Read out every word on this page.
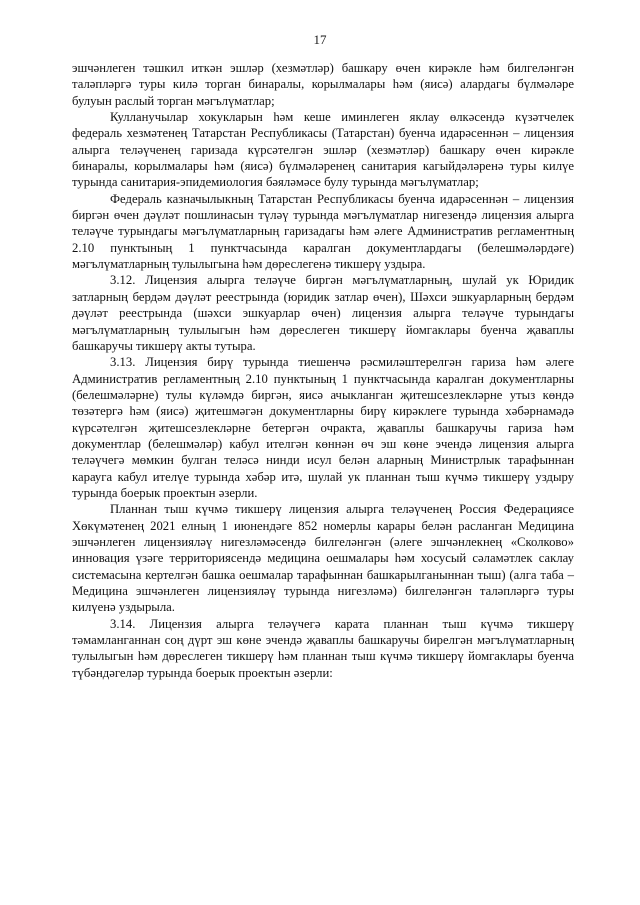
17

эшчәнлеген тәшкил иткән эшләр (хезмәтләр) башкару өчен кирәкле һәм билгеләнгән таләпләргә туры килә торган бинаралы, корылмалары һәм (яисә) алардагы бүлмәләре булуын раслый торган мәгълүматлар;

Кулланучылар хокукларын һәм кеше иминлеген яклау өлкәсендә күзәтчелек федераль хезмәтенең Татарстан Республикасы (Татарстан) буенча идарәсеннән – лицензия алырга теләүченең гаризада күрсәтелгән эшләр (хезмәтләр) башкару өчен кирәкле бинаралы, корылмалары һәм (яисә) бүлмәләренең санитария кагыйдәләренә туры килүе турында санитария-эпидемиология бәяләмәсе булу турында мәгълүматлар;

Федераль казначылыкның Татарстан Республикасы буенча идарәсеннән – лицензия биргән өчен дәүләт пошлинасын түләү турында мәгълүматлар нигезендә лицензия алырга теләүче турындагы мәгълүматларның гаризадагы һәм әлеге Административ регламентның 2.10 пунктының 1 пунктчасында каралган документлардагы (белешмәләрдәге) мәгълүматларның тулылыгына һәм дөреслегенә тикшерү уздыра.

3.12. Лицензия алырга теләүче биргән мәгълүматларның, шулай ук Юридик затларның бердәм дәүләт реестрында (юридик затлар өчен), Шәхси эшкуарларның бердәм дәүләт реестрында (шәхси эшкуарлар өчен) лицензия алырга теләүче турындагы мәгълүматларның тулылыгын һәм дөреслеген тикшерү йомгаклары буенча җаваплы башкаручы тикшерү акты тутыра.

3.13. Лицензия бирү турында тиешенчә рәсмиләштерелгән гариза һәм әлеге Административ регламентның 2.10 пунктының 1 пунктчасында каралган документларны (белешмәләрне) тулы күләмдә биргән, яисә ачыкланган җитешсезлекләрне утыз көндә төзәтергә һәм (яисә) җитешмәгән документларны бирү кирәклеге турында хәбәрнамәдә күрсәтелгән җитешсезлекләрне бетергән очракта, җаваплы башкаручы гариза һәм документлар (белешмәләр) кабул ителгән көннән өч эш көне эчендә лицензия алырга теләүчегә мөмкин булган теләсә нинди исул белән аларның Министрлык тарафыннан карауга кабул ителүе турында хәбәр итә, шулай ук планнан тыш күчмә тикшерү уздыру турында боерык проектын әзерли.

Планнан тыш күчмә тикшерү лицензия алырга теләүченең Россия Федерациясе Хөкүмәтенең 2021 елның 1 июнендәге 852 номерлы карары белән расланган Медицина эшчәнлеген лицензияләү нигезләмәсендә билгеләнгән (әлеге эшчәнлекнең «Сколково» инновация үзәге территориясендә медицина оешмалары һәм хосусый сәламәтлек саклау системасына кертелгән башка оешмалар тарафыннан башкарылганыннан тыш) (алга таба – Медицина эшчәнлеген лицензияләү турында нигезләмә) билгеләнгән таләпләргә туры килүенә уздырыла.

3.14. Лицензия алырга теләүчегә карата планнан тыш күчмә тикшерү тәмамланганнан соң дүрт эш көне эчендә җаваплы башкаручы бирелгән мәгълүматларның тулылыгын һәм дөреслеген тикшерү һәм планнан тыш күчмә тикшерү йомгаклары буенча түбәндәгеләр турында боерык проектын әзерли:
